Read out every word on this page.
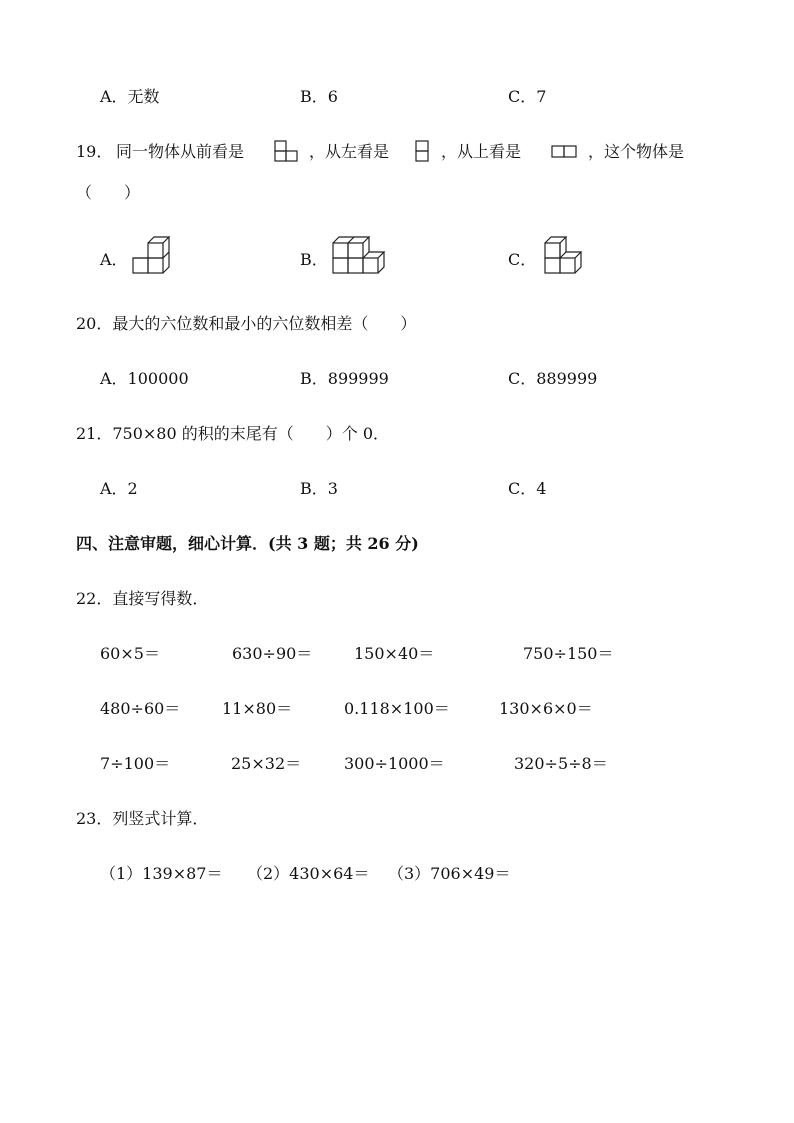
A．无数	B．6	C．7
19． 同一物体从前看是	，从左看是	，从上看是	，这个物体是
（　　）
A．	B．	C．
20．最大的六位数和最小的六位数相差（　　）
A．100000	B．899999	C．889999
21．750×80 的积的末尾有（　　）个 0．
A．2	B．3	C．4
四、注意审题，细心计算．(共 3 题；共 26 分)
22．直接写得数．
60×5＝	630÷90＝	150×40＝	750÷150＝
480÷60＝	11×80＝	0.118×100＝	130×6×0＝
7÷100＝	25×32＝	300÷1000＝	320÷5÷8＝
23．列竖式计算．
（1）139×87＝ （2）430×64＝ （3）706×49＝
